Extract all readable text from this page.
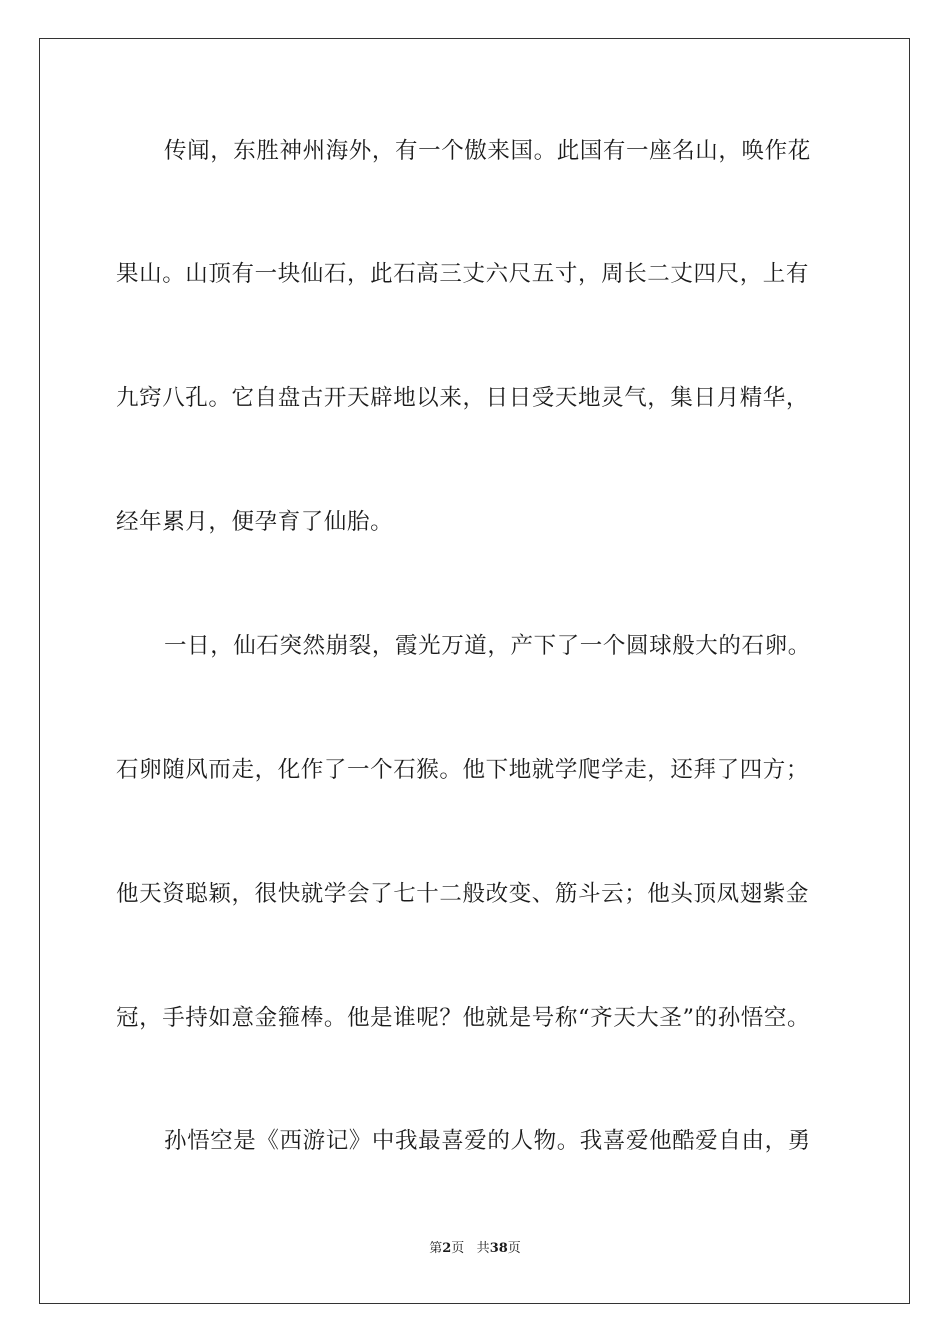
传闻，东胜神州海外，有一个傲来国。此国有一座名山，唤作花
果山。山顶有一块仙石，此石高三丈六尺五寸，周长二丈四尺，上有
九窍八孔。它自盘古开天辟地以来，日日受天地灵气，集日月精华，
经年累月，便孕育了仙胎。
一日，仙石突然崩裂，霞光万道，产下了一个圆球般大的石卵。
石卵随风而走，化作了一个石猴。他下地就学爬学走，还拜了四方；
他天资聪颖，很快就学会了七十二般改变、筋斗云；他头顶凤翅紫金
冠，手持如意金箍棒。他是谁呢？他就是号称“齐天大圣”的孙悟空。
孙悟空是《西游记》中我最喜爱的人物。我喜爱他酷爱自由，勇
第2页 共38页
